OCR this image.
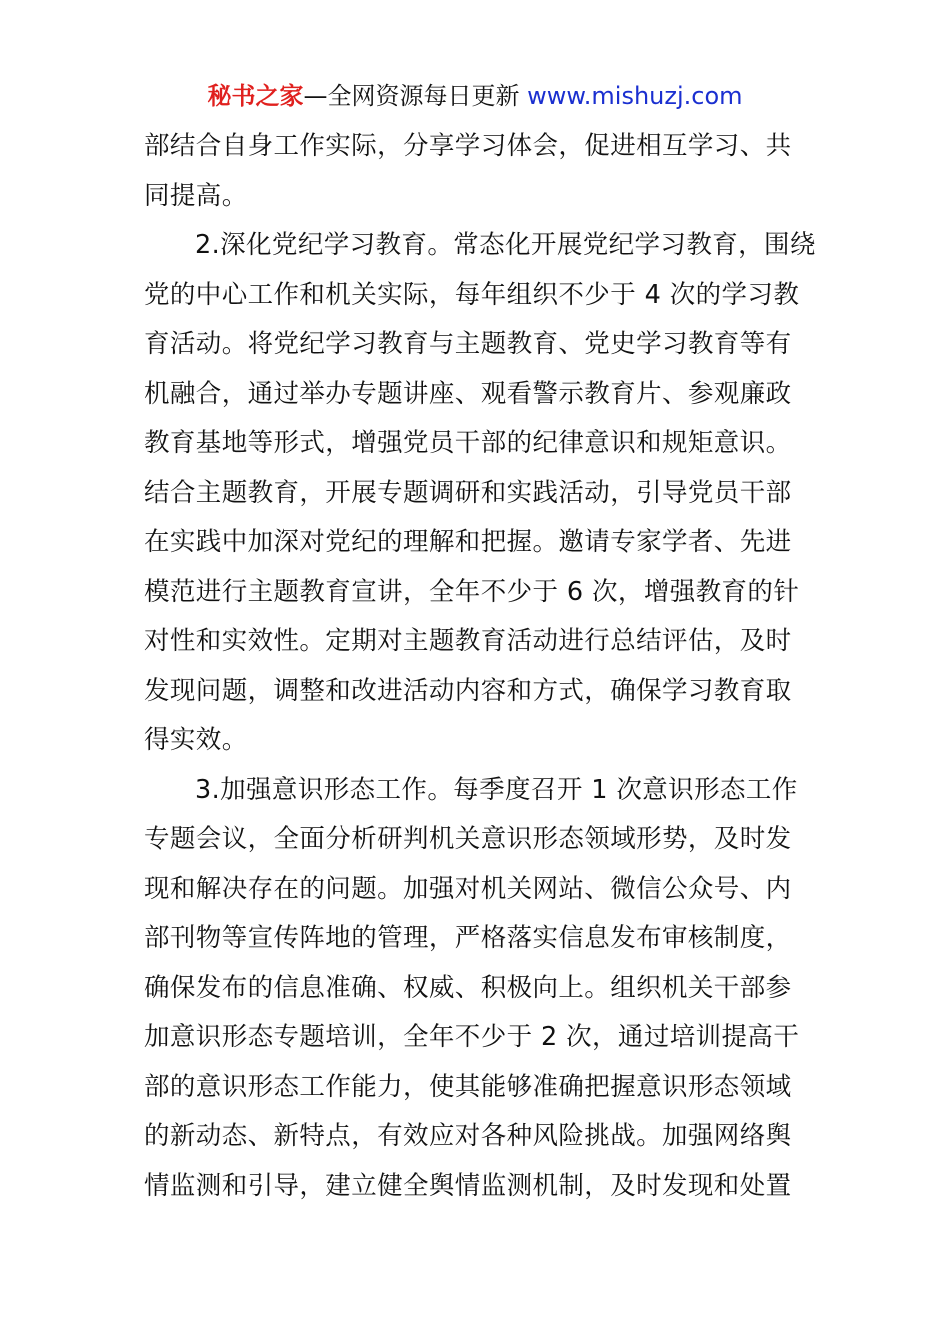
秘书之家—全网资源每日更新 www.mishuzj.com

部结合自身工作实际，分享学习体会，促进相互学习、共
同提高。

2.深化党纪学习教育。常态化开展党纪学习教育，围绕
党的中心工作和机关实际，每年组织不少于 4 次的学习教
育活动。将党纪学习教育与主题教育、党史学习教育等有
机融合，通过举办专题讲座、观看警示教育片、参观廉政
教育基地等形式，增强党员干部的纪律意识和规矩意识。
结合主题教育，开展专题调研和实践活动，引导党员干部
在实践中加深对党纪的理解和把握。邀请专家学者、先进
模范进行主题教育宣讲，全年不少于 6 次，增强教育的针
对性和实效性。定期对主题教育活动进行总结评估，及时
发现问题，调整和改进活动内容和方式，确保学习教育取
得实效。

3.加强意识形态工作。每季度召开 1 次意识形态工作
专题会议，全面分析研判机关意识形态领域形势，及时发
现和解决存在的问题。加强对机关网站、微信公众号、内
部刊物等宣传阵地的管理，严格落实信息发布审核制度，
确保发布的信息准确、权威、积极向上。组织机关干部参
加意识形态专题培训，全年不少于 2 次，通过培训提高干
部的意识形态工作能力，使其能够准确把握意识形态领域
的新动态、新特点，有效应对各种风险挑战。加强网络舆
情监测和引导，建立健全舆情监测机制，及时发现和处置
